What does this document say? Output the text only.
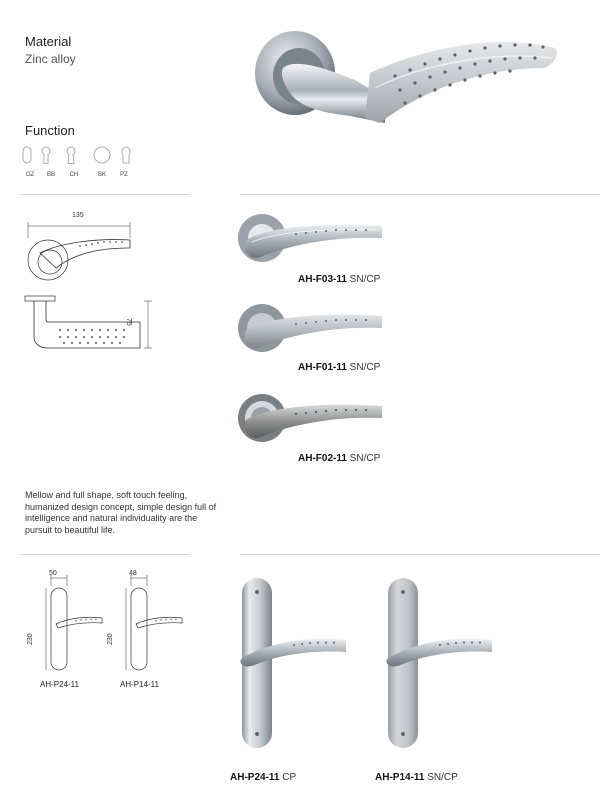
Material
Zinc alloy
Function
OZ	BB	CH	BK	PZ
135
75
AH-F03-11 SN/CP
AH-F01-11 SN/CP
AH-F02-11 SN/CP
Mellow and full shape, soft touch feeling, humanized design concept, simple design full of intelligence and natural individuality are the pursuit to beautiful life.
50	48
230	230
AH-P24-11	AH-P14-11
AH-P24-11 CP	AH-P14-11 SN/CP
